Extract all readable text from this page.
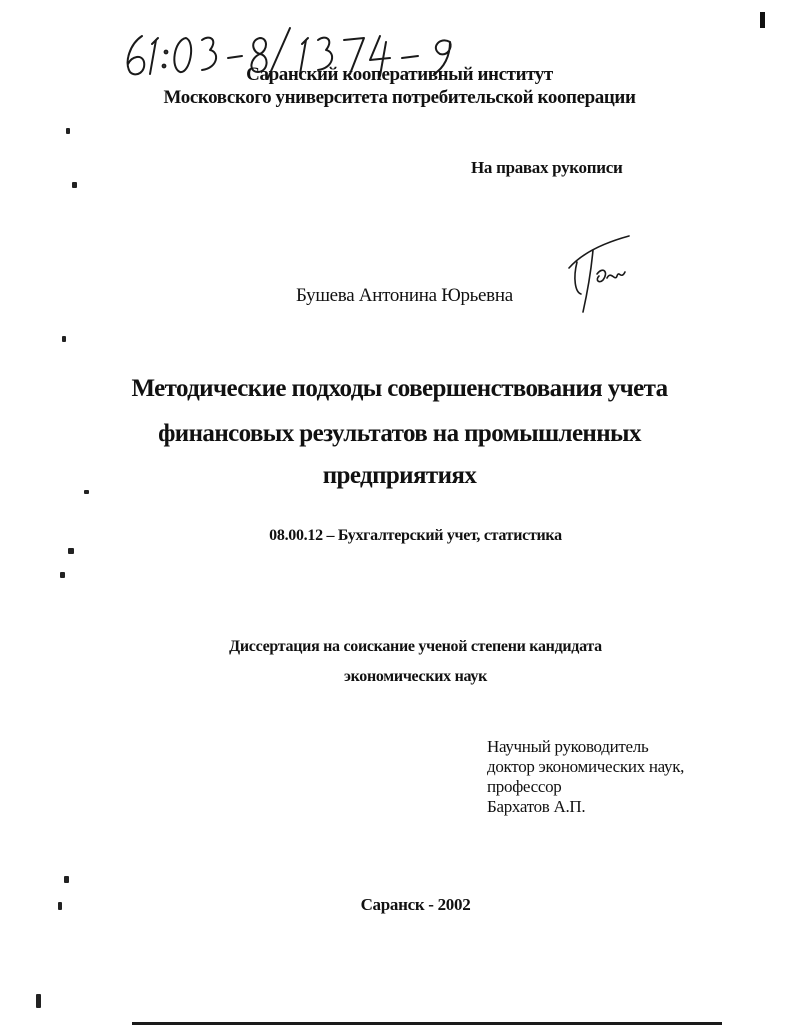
Саранский кооперативный институт
Московского университета потребительской кооперации
На правах рукописи
Бушева Антонина Юрьевна
Методические подходы совершенствования учета
финансовых результатов на промышленных
предприятиях
08.00.12 – Бухгалтерский учет, статистика
Диссертация на соискание ученой степени кандидата
экономических наук
Научный руководитель
доктор экономических наук,
профессор
Бархатов А.П.
Саранск - 2002
